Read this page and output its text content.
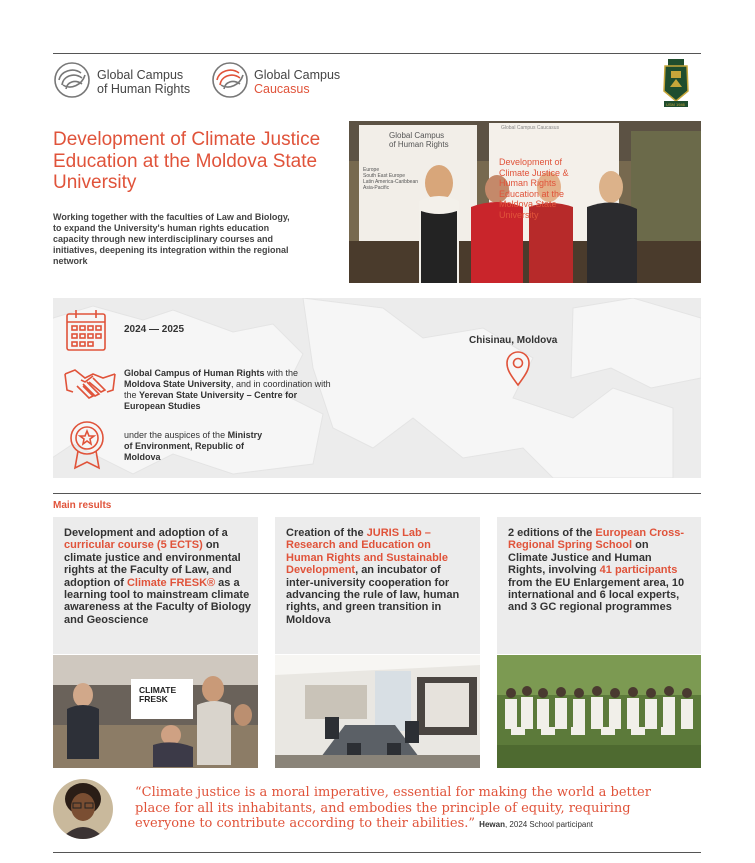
Global Campus
of Human Rights
Global Campus
Caucasus
USM 1946
Development of Climate Justice Education at the Moldova State University
Working together with the faculties of Law and Biology, to expand the University's human rights education capacity through new interdisciplinary courses and initiatives, deepening its integration within the regional network
Global Campus
of Human Rights
Europe
South East Europe
Latin America-Caribbean
Asia-Pacific
Global Campus Caucasus
Development of
Climate Justice &
Human Rights
Education at the
Moldova State
University
2024 — 2025
Global Campus of Human Rights with the Moldova State University, and in coordination with the Yerevan State University – Centre for European Studies
under the auspices of the Ministry of Environment, Republic of Moldova
Chisinau, Moldova
Main results
Development and adoption of a curricular course (5 ECTS) on climate justice and environmental rights at the Faculty of Law, and adoption of Climate FRESK® as a learning tool to mainstream climate awareness at the Faculty of Biology and Geoscience
Creation of the JURIS Lab – Research and Education on Human Rights and Sustainable Development, an incubator of inter-university cooperation for advancing the rule of law, human rights, and green transition in Moldova
2 editions of the European Cross-Regional Spring School on Climate Justice and Human Rights, involving 41 participants from the EU Enlargement area, 10 international and 6 local experts, and 3 GC regional programmes
CLIMATE
FRESK
“Climate justice is a moral imperative, essential for making the world a better place for all its inhabitants, and embodies the principle of equity, requiring everyone to contribute according to their abilities.” Hewan, 2024 School participant
